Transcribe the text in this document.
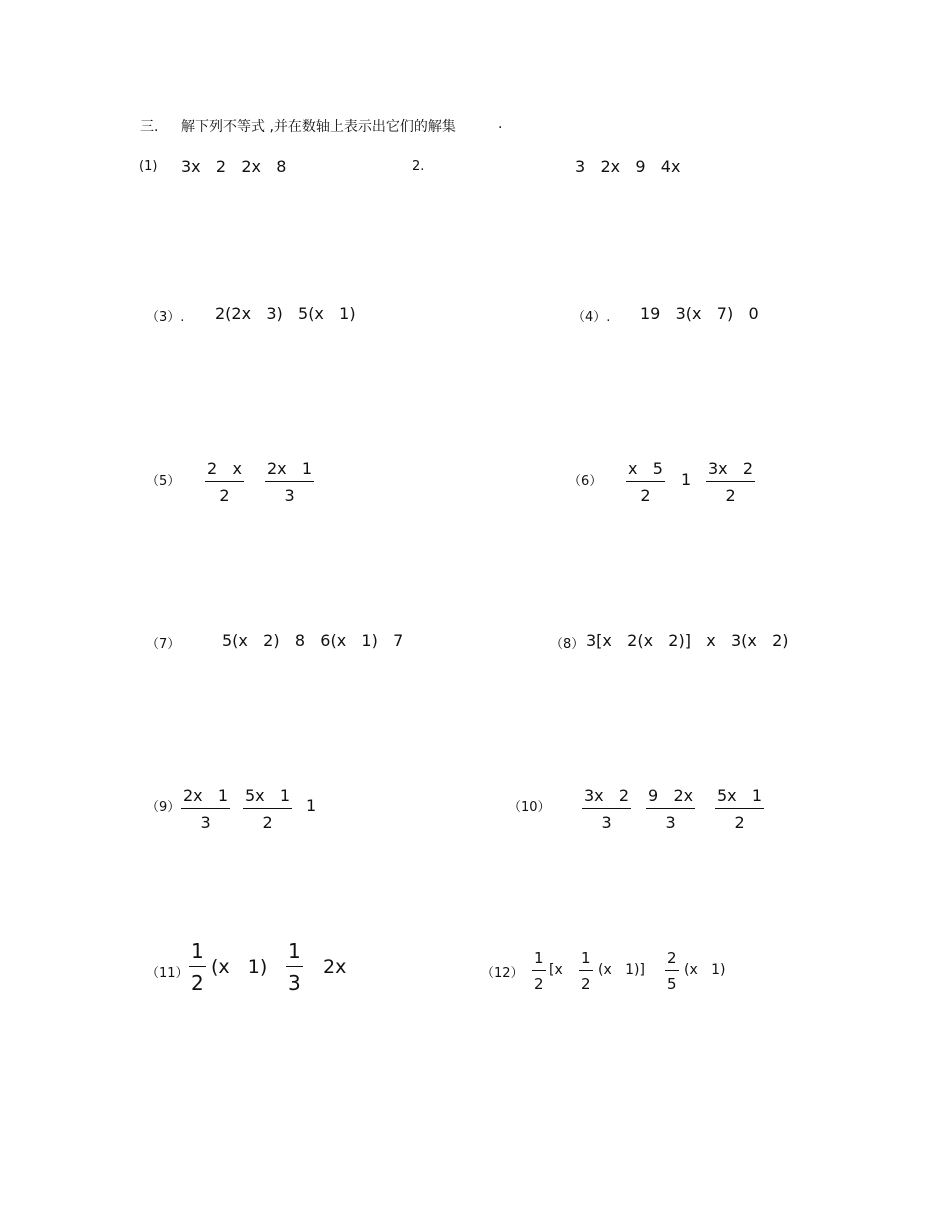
三. 解下列不等式 ,并在数轴上表示出它们的解集	.
(1) 3x   2   2x   8	2.	3   2x   9   4x
（3）. 2(2x   3)   5(x   1)	（4）. 19   3(x   7)   0
$(5) \frac{2 x}{2} \frac{2x 1}{3}$	$(6) \frac{x 5}{2} 1 \frac{3x 2}{2}$
（7）	5(x   2)   8   6(x   1)   7	（8） 3[x   2(x   2)]   x   3(x   2)
$(9) \frac{2x 1}{3} \frac{5x 1}{2} 1$	$(10) \frac{3x 2}{3} \frac{9 2x}{3} \frac{5x 1}{2}$
$(11) \frac{1}{2} (x$   $1) \frac{1}{3} 2x$	$(12) \frac{1}{2} [x \frac{1}{2} (x$   $1)] \frac{2}{5} (x$   1)
